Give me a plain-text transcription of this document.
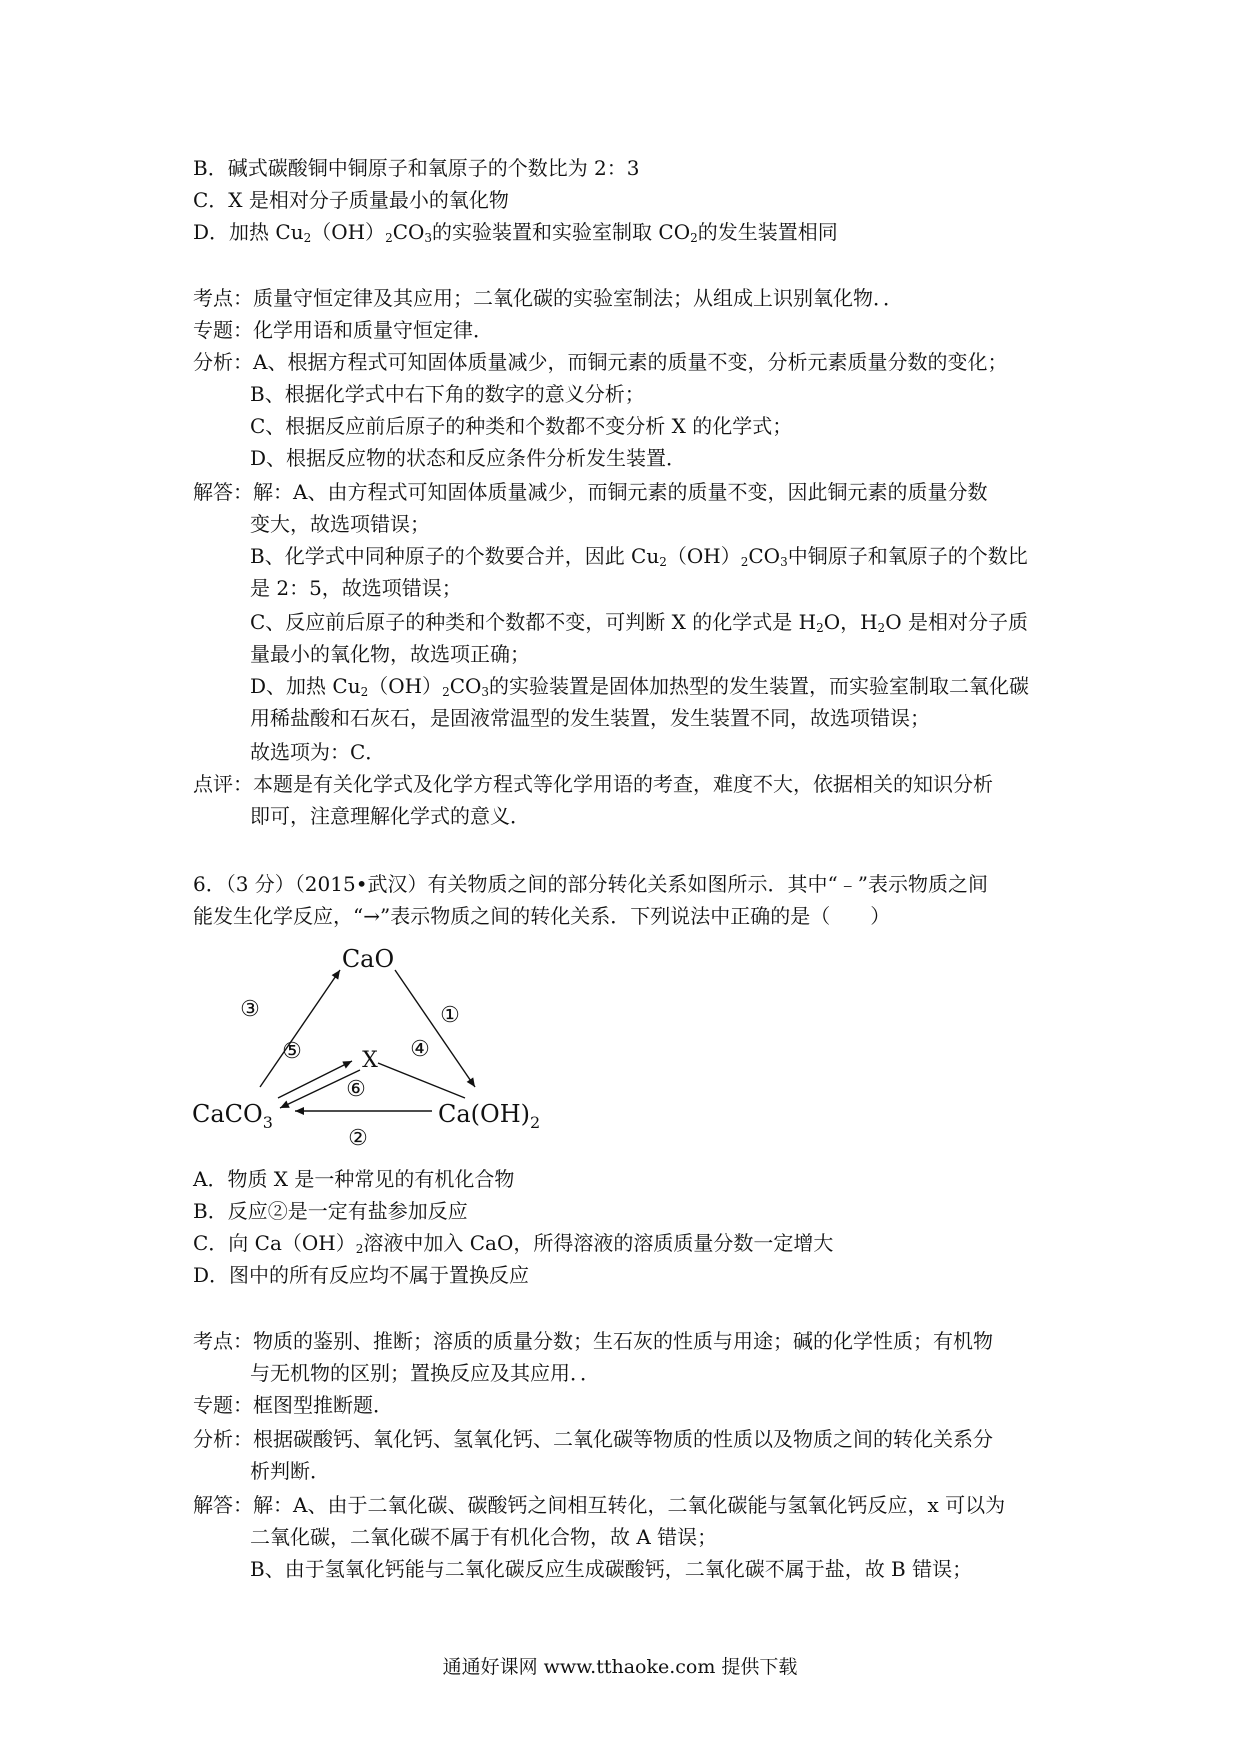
B．碱式碳酸铜中铜原子和氧原子的个数比为 2：3
C．X 是相对分子质量最小的氧化物
D．加热 $Cu_2(OH)_2CO_3$的实验装置和实验室制取 $CO_2$的发生装置相同
考点：质量守恒定律及其应用；二氧化碳的实验室制法；从组成上识别氧化物．．
专题：化学用语和质量守恒定律．
分析：A、根据方程式可知固体质量减少，而铜元素的质量不变，分析元素质量分数的变化；
B、根据化学式中右下角的数字的意义分析；
C、根据反应前后原子的种类和个数都不变分析 X 的化学式；
D、根据反应物的状态和反应条件分析发生装置．
解答：解：A、由方程式可知固体质量减少，而铜元素的质量不变，因此铜元素的质量分数
变大，故选项错误；
B、化学式中同种原子的个数要合并，因此 $Cu_2(OH)_2CO_3$中铜原子和氧原子的个数比
是 2：5，故选项错误；
C、反应前后原子的种类和个数都不变，可判断 X 的化学式是 $H_2O$，$H_2O$ 是相对分子质
量最小的氧化物，故选项正确；
D、加热 $Cu_2(OH)_2CO_3$的实验装置是固体加热型的发生装置，而实验室制取二氧化碳
用稀盐酸和石灰石，是固液常温型的发生装置，发生装置不同，故选项错误；
故选项为：C．
点评：本题是有关化学式及化学方程式等化学用语的考查，难度不大，依据相关的知识分析
即可，注意理解化学式的意义．
6．（3 分）（2015•武汉）有关物质之间的部分转化关系如图所示．其中“﹣”表示物质之间
能发生化学反应，“→”表示物质之间的转化关系．下列说法中正确的是（　　）
CaO
X
CaCO$_3$	$Ca(OH)_2$
③	①
⑤	④
⑥
②
A．物质 X 是一种常见的有机化合物
B．反应②是一定有盐参加反应
C．向 $Ca(OH)_2$溶液中加入 CaO，所得溶液的溶质质量分数一定增大
D．图中的所有反应均不属于置换反应
考点：物质的鉴别、推断；溶质的质量分数；生石灰的性质与用途；碱的化学性质；有机物
与无机物的区别；置换反应及其应用．．
专题：框图型推断题．
分析：根据碳酸钙、氧化钙、氢氧化钙、二氧化碳等物质的性质以及物质之间的转化关系分
析判断．
解答：解：A、由于二氧化碳、碳酸钙之间相互转化，二氧化碳能与氢氧化钙反应，x 可以为
二氧化碳，二氧化碳不属于有机化合物，故 A 错误；
B、由于氢氧化钙能与二氧化碳反应生成碳酸钙，二氧化碳不属于盐，故 B 错误；
通通好课网 www.tthaoke.com 提供下载
